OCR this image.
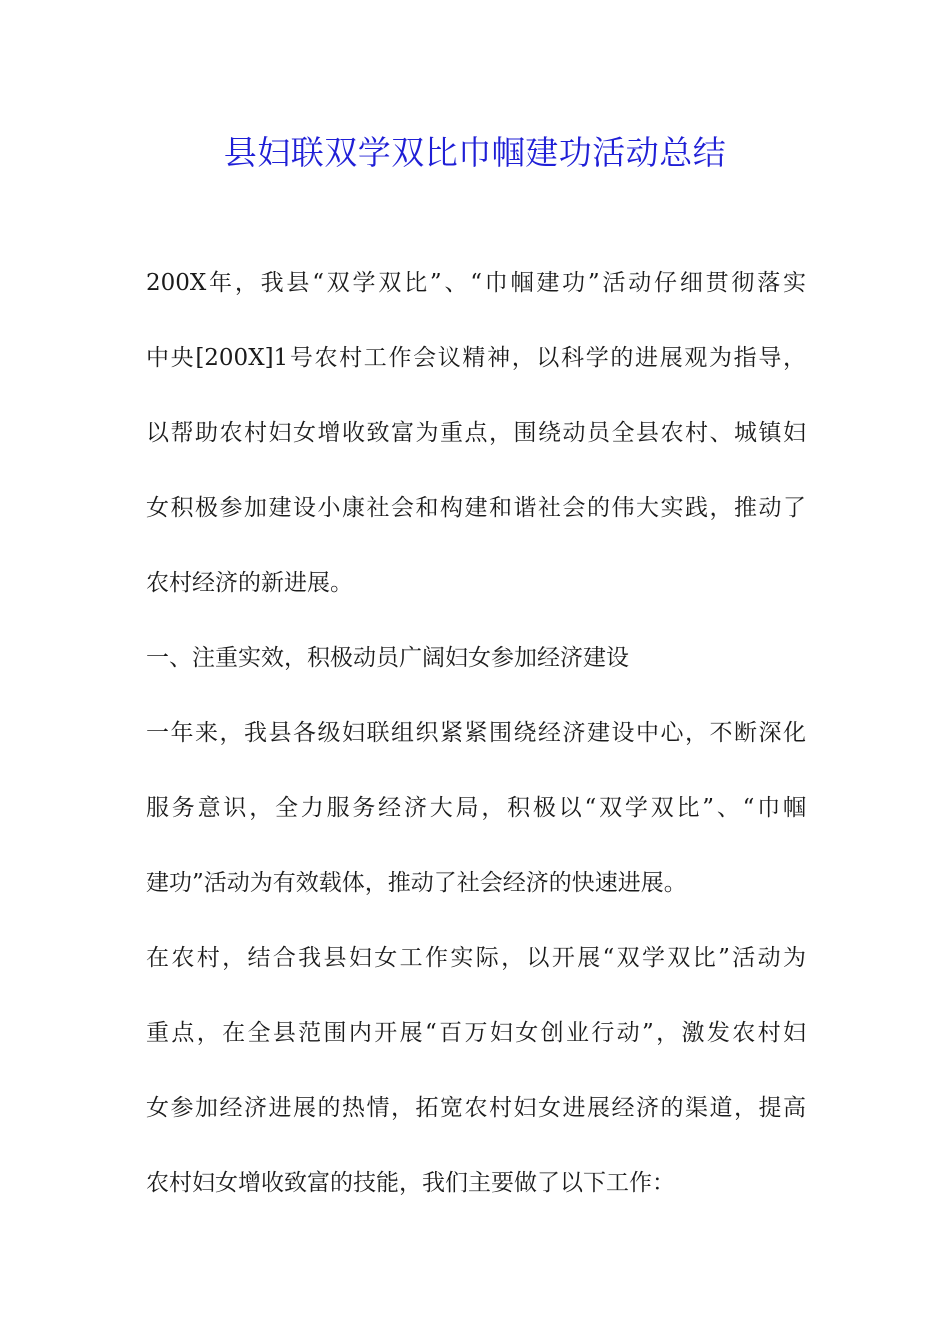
县妇联双学双比巾帼建功活动总结
200X年，我县“双学双比”、“巾帼建功”活动仔细贯彻落实
中央[200X]1号农村工作会议精神，以科学的进展观为指导，
以帮助农村妇女增收致富为重点，围绕动员全县农村、城镇妇
女积极参加建设小康社会和构建和谐社会的伟大实践，推动了
农村经济的新进展。
一、注重实效，积极动员广阔妇女参加经济建设
一年来，我县各级妇联组织紧紧围绕经济建设中心，不断深化
服务意识，全力服务经济大局，积极以“双学双比”、“巾帼
建功”活动为有效载体，推动了社会经济的快速进展。
在农村，结合我县妇女工作实际，以开展“双学双比”活动为
重点，在全县范围内开展“百万妇女创业行动”，激发农村妇
女参加经济进展的热情，拓宽农村妇女进展经济的渠道，提高
农村妇女增收致富的技能，我们主要做了以下工作：
